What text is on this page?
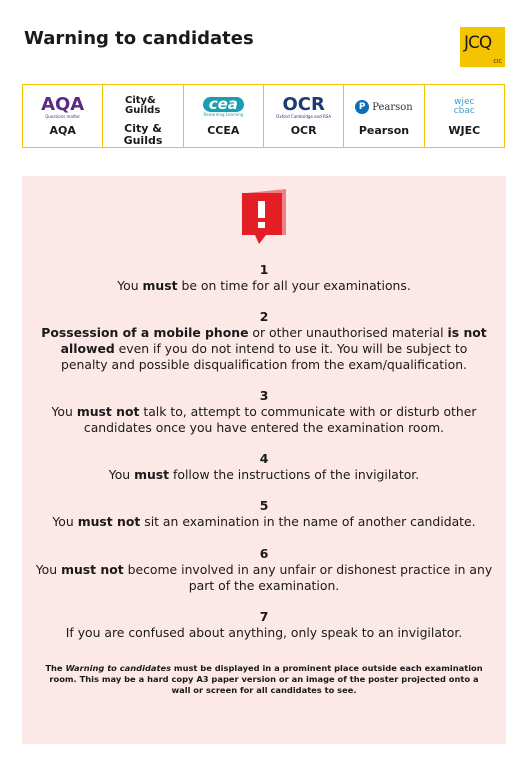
Warning to candidates	JCQ
CIC
AQA
Questions matter
AQA
City& Guilds
City & Guilds
cea
Rewarding Learning
CCEA
OCR
Oxford Cambridge and RSA
OCR
P Pearson
Pearson
wjec cbac
WJEC
1
You must be on time for all your examinations.
2
Possession of a mobile phone or other unauthorised material is not allowed even if you do not intend to use it. You will be subject to penalty and possible disqualification from the exam/qualification.
3
You must not talk to, attempt to communicate with or disturb other candidates once you have entered the examination room.
4
You must follow the instructions of the invigilator.
5
You must not sit an examination in the name of another candidate.
6
You must not become involved in any unfair or dishonest practice in any part of the examination.
7
If you are confused about anything, only speak to an invigilator.
The Warning to candidates must be displayed in a prominent place outside each examination room. This may be a hard copy A3 paper version or an image of the poster projected onto a wall or screen for all candidates to see.
